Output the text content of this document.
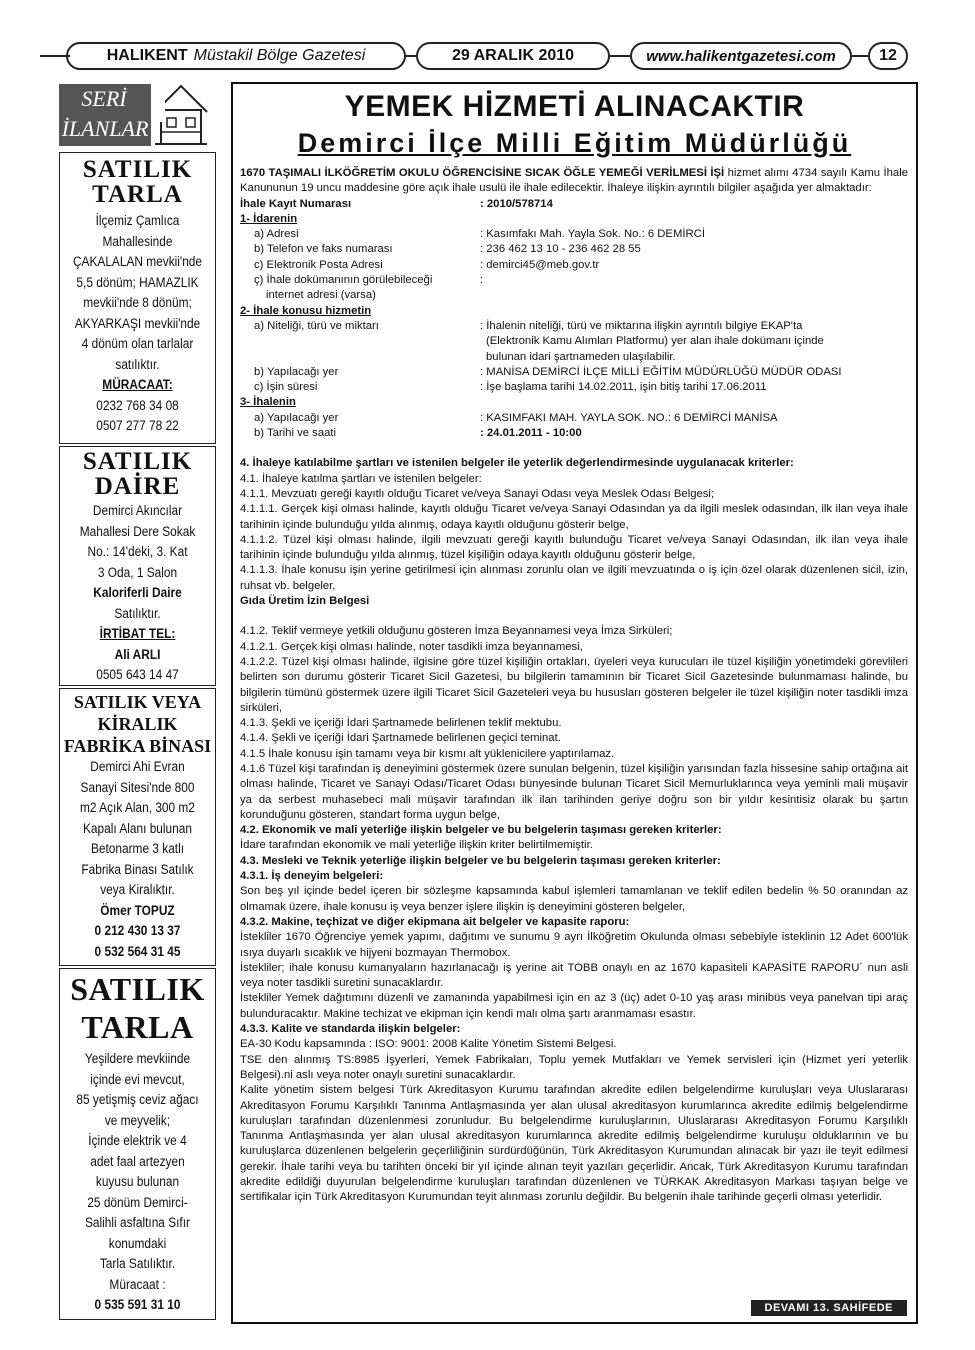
HALIKENT Müstakil Bölge Gazetesi	29 ARALIK 2010	www.halikentgazetesi.com	12
SERİ
İLANLAR
SATILIK
TARLA
İlçemiz Çamlıca
Mahallesinde
ÇAKALALAN mevkii'nde
5,5 dönüm; HAMAZLIK
mevkii'nde 8 dönüm;
AKYARKAŞI mevkii'nde
4 dönüm olan tarlalar
satılıktır.
MÜRACAAT:
0232 768 34 08
0507 277 78 22
SATILIK
DAİRE
Demirci Akıncılar
Mahallesi Dere Sokak
No.: 14'deki, 3. Kat
3 Oda, 1 Salon
Kaloriferli Daire
Satılıktır.
İRTİBAT TEL:
Ali ARLI
0505 643 14 47
SATILIK VEYA
KİRALIK
FABRİKA BİNASI
Demirci Ahi Evran
Sanayi Sitesi'nde 800
m2 Açık Alan, 300 m2
Kapalı Alanı bulunan
Betonarme 3 katlı
Fabrika Binası Satılık
veya Kiralıktır.
Ömer TOPUZ
0 212 430 13 37
0 532 564 31 45
SATILIK
TARLA
Yeşildere mevkiinde
içinde evi mevcut,
85 yetişmiş ceviz ağacı
ve meyvelik;
İçinde elektrik ve 4
adet faal artezyen
kuyusu bulunan
25 dönüm Demirci-
Salihli asfaltına Sıfır
konumdaki
Tarla Satılıktır.
Müracaat :
0 535 591 31 10
YEMEK HİZMETİ ALINACAKTIR
Demirci İlçe Milli Eğitim Müdürlüğü

1670 TAŞIMALI İLKÖĞRETİM OKULU ÖĞRENCİSİNE SICAK ÖĞLE YEMEĞİ VERİLMESİ İŞİ hizmet alımı 4734 sayılı Kamu İhale Kanununun 19 uncu maddesine göre açık ihale usulü ile ihale edilecektir. İhaleye ilişkin ayrıntılı bilgiler aşağıda yer almaktadır:

İhale Kayıt Numarası	: 2010/578714
1- İdarenin
a) Adresi	: Kasımfakı Mah. Yayla Sok. No.: 6 DEMİRCİ
b) Telefon ve faks numarası	: 236 462 13 10 - 236 462 28 55
c) Elektronik Posta Adresi	: demirci45@meb.gov.tr
ç) İhale dokümanının görülebileceği	:
internet adresi (varsa)
2- İhale konusu hizmetin
a) Niteliği, türü ve miktarı	: İhalenin niteliği, türü ve miktarına ilişkin ayrıntılı bilgiye EKAP'ta
(Elektronik Kamu Alımları Platformu) yer alan ihale dokümanı içinde
bulunan idari şartnameden ulaşılabilir.
b) Yapılacağı yer	: MANİSA DEMİRCİ İLÇE MİLLİ EĞİTİM MÜDÜRLÜĞÜ MÜDÜR ODASI
c) İşin süresi	: İşe başlama tarihi 14.02.2011, işin bitiş tarihi 17.06.2011
3- İhalenin
a) Yapılacağı yer	: KASIMFAKI MAH. YAYLA SOK. NO.: 6 DEMİRCİ MANİSA
b) Tarihi ve saati	: 24.01.2011 - 10:00

4. İhaleye katılabilme şartları ve istenilen belgeler ile yeterlik değerlendirmesinde uygulanacak kriterler:

4.1. İhaleye katılma şartları ve istenilen belgeler:

4.1.1. Mevzuatı gereği kayıtlı olduğu Ticaret ve/veya Sanayi Odası veya Meslek Odası Belgesi;

4.1.1.1. Gerçek kişi olması halinde, kayıtlı olduğu Ticaret ve/veya Sanayi Odasından ya da ilgili meslek odasından, ilk ilan veya ihale tarihinin içinde bulunduğu yılda alınmış, odaya kayıtlı olduğunu gösterir belge,

4.1.1.2. Tüzel kişi olması halinde, ilgili mevzuatı gereği kayıtlı bulunduğu Ticaret ve/veya Sanayi Odasından, ilk ilan veya ihale tarihinin içinde bulunduğu yılda alınmış, tüzel kişiliğin odaya kayıtlı olduğunu gösterir belge,

4.1.1.3. İhale konusu işin yerine getirilmesi için alınması zorunlu olan ve ilgili mevzuatında o iş için özel olarak düzenlenen sicil, izin, ruhsat vb. belgeler,

Gıda Üretim İzin Belgesi

4.1.2. Teklif vermeye yetkili olduğunu gösteren İmza Beyannamesi veya İmza Sirküleri;

4.1.2.1. Gerçek kişi olması halinde, noter tasdikli imza beyannamesi,

4.1.2.2. Tüzel kişi olması halinde, ilgisine göre tüzel kişiliğin ortakları, üyeleri veya kurucuları ile tüzel kişiliğin yönetimdeki görevlileri belirten son durumu gösterir Ticaret Sicil Gazetesi, bu bilgilerin tamamının bir Ticaret Sicil Gazetesinde bulunmaması halinde, bu bilgilerin tümünü göstermek üzere ilgili Ticaret Sicil Gazeteleri veya bu hususları gösteren belgeler ile tüzel kişiliğin noter tasdikli imza sirküleri,

4.1.3. Şekli ve içeriği İdari Şartnamede belirlenen teklif mektubu.

4.1.4. Şekli ve içeriği İdari Şartnamede belirlenen geçici teminat.

4.1.5 İhale konusu işin tamamı veya bir kısmı alt yüklenicilere yaptırılamaz.

4.1.6 Tüzel kişi tarafından iş deneyimini göstermek üzere sunulan belgenin, tüzel kişiliğin yarısından fazla hissesine sahip ortağına ait olması halinde, Ticaret ve Sanayi Odası/Ticaret Odası bünyesinde bulunan Ticaret Sicil Memurluklarınca veya yeminli mali müşavir ya da serbest muhasebeci mali müşavir tarafından ilk ilan tarihinden geriye doğru son bir yıldır kesintisiz olarak bu şartın korunduğunu gösteren, standart forma uygun belge,

4.2. Ekonomik ve mali yeterliğe ilişkin belgeler ve bu belgelerin taşıması gereken kriterler:

İdare tarafından ekonomik ve mali yeterliğe ilişkin kriter belirtilmemiştir.

4.3. Mesleki ve Teknik yeterliğe ilişkin belgeler ve bu belgelerin taşıması gereken kriterler:

4.3.1. İş deneyim belgeleri:

Son beş yıl içinde bedel içeren bir sözleşme kapsamında kabul işlemleri tamamlanan ve teklif edilen bedelin % 50 oranından az olmamak üzere, ihale konusu iş veya benzer işlere ilişkin iş deneyimini gösteren belgeler,

4.3.2. Makine, teçhizat ve diğer ekipmana ait belgeler ve kapasite raporu:

İstekliler 1670 Öğrenciye yemek yapımı, dağıtımı ve sunumu 9 ayrı İlköğretim Okulunda olması sebebiyle isteklinin 12 Adet 600'lük ısıya duyarlı sıcaklık ve hijyeni bozmayan Thermobox.

İstekliler; ihale konusu kumanyaların hazırlanacağı iş yerine ait TOBB onaylı en az 1670 kapasiteli KAPASİTE RAPORU´ nun asli veya noter tasdikli suretini sunacaklardır.

İstekliler Yemek dağıtımını düzenli ve zamanında yapabilmesi için en az 3 (üç) adet 0-10 yaş arası minibüs veya panelvan tipi araç bulunduracaktır. Makine techizat ve ekipman için kendi malı olma şartı aranmaması esastır.

4.3.3. Kalite ve standarda ilişkin belgeler:

EA-30 Kodu kapsamında : ISO: 9001: 2008 Kalite Yönetim Sistemi Belgesi.

TSE den alınmış TS:8985 İşyerleri, Yemek Fabrikaları, Toplu yemek Mutfakları ve Yemek servisleri için (Hizmet yeri yeterlik Belgesi).ni aslı veya noter onaylı suretini sunacaklardır.

Kalite yönetim sistem belgesi Türk Akreditasyon Kurumu tarafından akredite edilen belgelendirme kuruluşları veya Uluslararası Akreditasyon Forumu Karşılıklı Tanınma Antlaşmasında yer alan ulusal akreditasyon kurumlarınca akredite edilmiş belgelendirme kuruluşları tarafından düzenlenmesi zorunludur. Bu belgelendirme kuruluşlarının, Uluslararası Akreditasyon Forumu Karşılıklı Tanınma Antlaşmasında yer alan ulusal akreditasyon kurumlarınca akredite edilmiş belgelendirme kuruluşu olduklarının ve bu kuruluşlarca düzenlenen belgelerin geçerliliğinin sürdürdüğünün, Türk Akreditasyon Kurumundan alınacak bir yazı ile teyit edilmesi gerekir. İhale tarihi veya bu tarihten önceki bir yıl içinde alınan teyit yazıları geçerlidir. Ancak, Türk Akreditasyon Kurumu tarafından akredite edildiği duyurulan belgelendirme kuruluşları tarafından düzenlenen ve TÜRKAK Akreditasyon Markası taşıyan belge ve sertifikalar için Türk Akreditasyon Kurumundan teyit alınması zorunlu değildir. Bu belgenin ihale tarihinde geçerli olması yeterlidir.

DEVAMI 13. SAHİFEDE
